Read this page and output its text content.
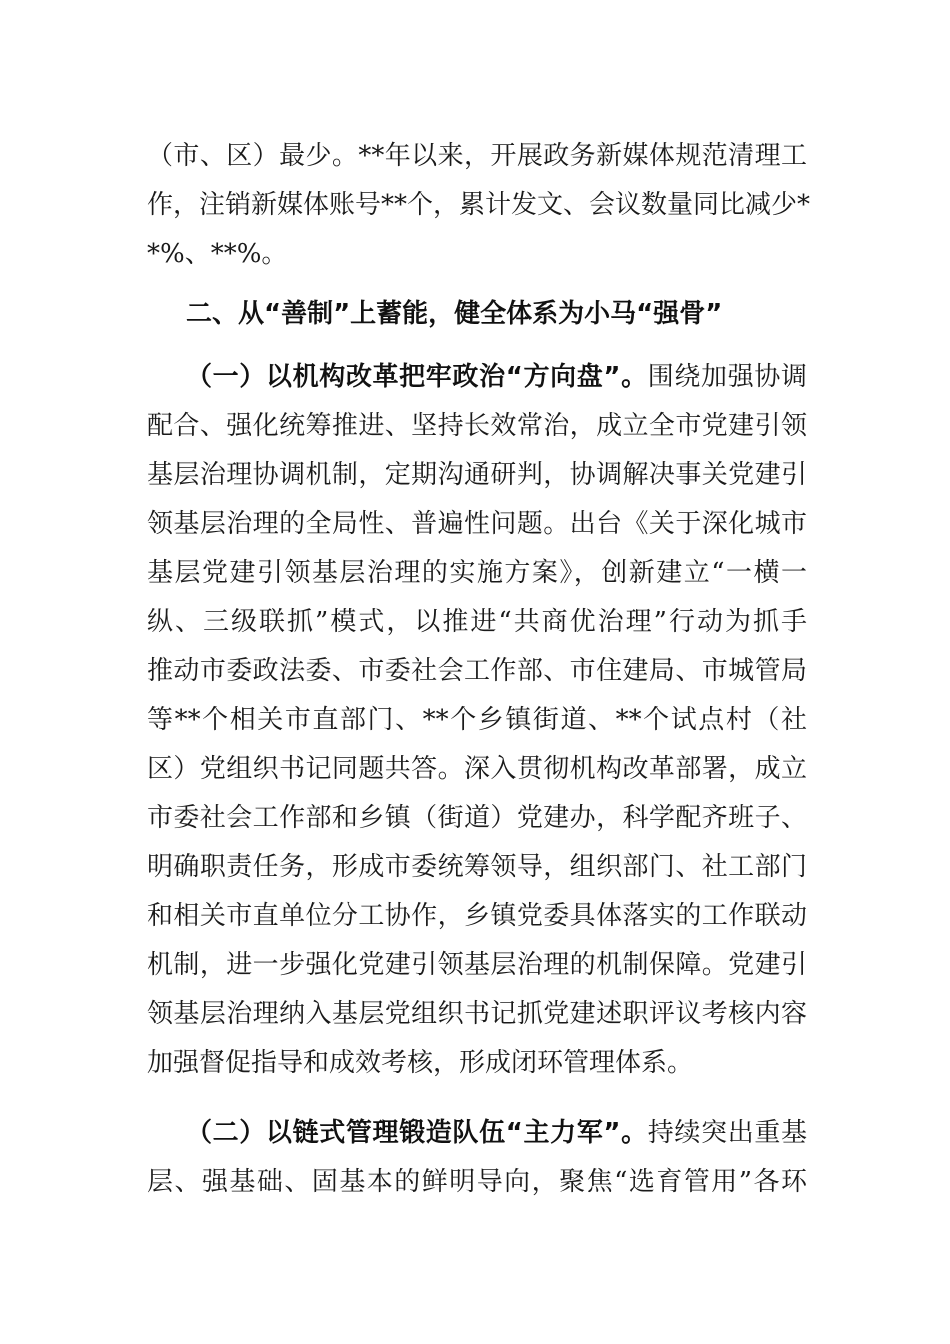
（市、区）最少。**年以来，开展政务新媒体规范清理工
作，注销新媒体账号**个，累计发文、会议数量同比减少*
*%、**%。
二、从“善制”上蓄能，健全体系为小马“强骨”
（一）以机构改革把牢政治“方向盘”。围绕加强协调
配合、强化统筹推进、坚持长效常治，成立全市党建引领
基层治理协调机制，定期沟通研判，协调解决事关党建引
领基层治理的全局性、普遍性问题。出台《关于深化城市
基层党建引领基层治理的实施方案》，创新建立“一横一
纵、三级联抓”模式，以推进“共商优治理”行动为抓手
推动市委政法委、市委社会工作部、市住建局、市城管局
等**个相关市直部门、**个乡镇街道、**个试点村（社
区）党组织书记同题共答。深入贯彻机构改革部署，成立
市委社会工作部和乡镇（街道）党建办，科学配齐班子、
明确职责任务，形成市委统筹领导，组织部门、社工部门
和相关市直单位分工协作，乡镇党委具体落实的工作联动
机制，进一步强化党建引领基层治理的机制保障。党建引
领基层治理纳入基层党组织书记抓党建述职评议考核内容
加强督促指导和成效考核，形成闭环管理体系。
（二）以链式管理锻造队伍“主力军”。持续突出重基
层、强基础、固基本的鲜明导向，聚焦“选育管用”各环
